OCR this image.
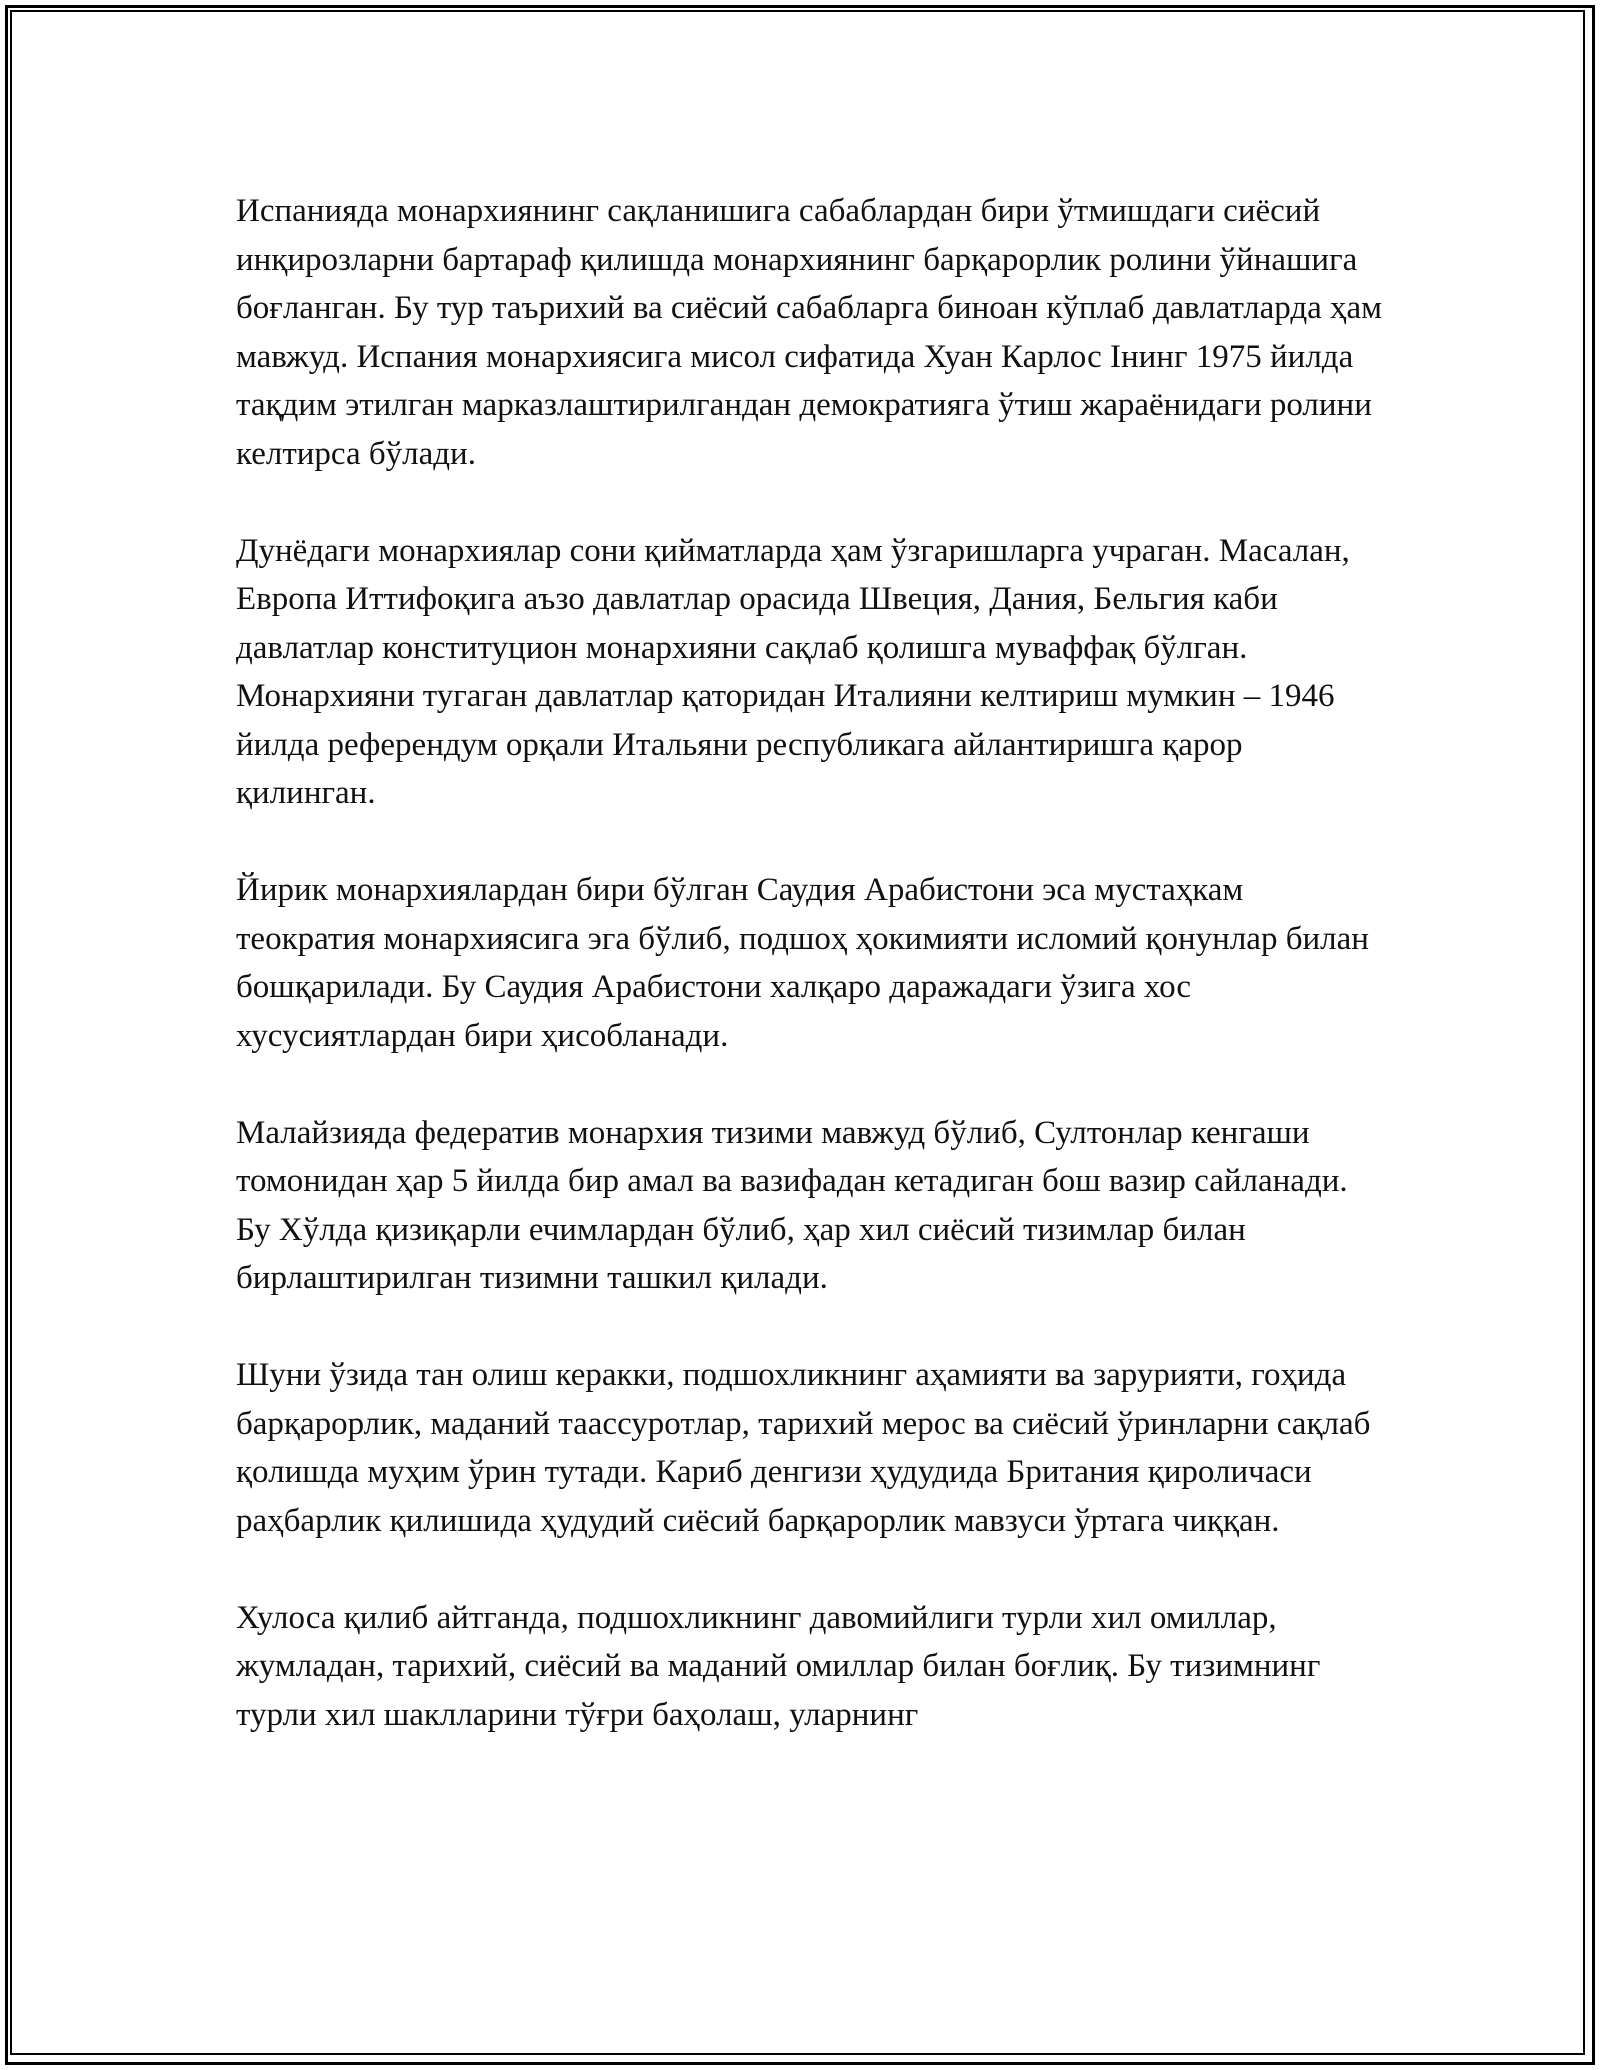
Испанияда монархиянинг сақланишига сабаблардан бири ўтмишдаги сиёсий инқирозларни бартараф қилишда монархиянинг барқарорлик ролини ўйнашига боғланган. Бу тур таърихий ва сиёсий сабабларга биноан кўплаб давлатларда ҳам мавжуд. Испания монархиясига мисол сифатида Хуан Карлос Iнинг 1975 йилда тақдим этилган марказлаштирилгандан демократияга ўтиш жараёнидаги ролини келтирса бўлади.

Дунёдаги монархиялар сони қийматларда ҳам ўзгаришларга учраган. Масалан, Европа Иттифоқига аъзо давлатлар орасида Швеция, Дания, Бельгия каби давлатлар конституцион монархияни сақлаб қолишга муваффақ бўлган. Монархияни тугаган давлатлар қаторидан Италияни келтириш мумкин – 1946 йилда референдум орқали Итальяни республикага айлантиришга қарор қилинган.

Йирик монархиялардан бири бўлган Саудия Арабистони эса мустаҳкам теократия монархиясига эга бўлиб, подшоҳ ҳокимияти исломий қонунлар билан бошқарилади. Бу Саудия Арабистони халқаро даражадаги ўзига хос хусусиятлардан бири ҳисобланади.

Малайзияда федератив монархия тизими мавжуд бўлиб, Султонлар кенгаши томонидан ҳар 5 йилда бир амал ва вазифадан кетадиган бош вазир сайланади. Бу Хўлда қизиқарли ечимлардан бўлиб, ҳар хил сиёсий тизимлар билан бирлаштирилган тизимни ташкил қилади.

Шуни ўзида тан олиш керакки, подшохликнинг аҳамияти ва зарурияти, гоҳида барқарорлик, маданий таассуротлар, тарихий мерос ва сиёсий ўринларни сақлаб қолишда муҳим ўрин тутади. Кариб денгизи ҳудудида Британия қироличаси раҳбарлик қилишида ҳудудий сиёсий барқарорлик мавзуси ўртага чиққан.

Хулоса қилиб айтганда, подшохликнинг давомийлиги турли хил омиллар, жумладан, тарихий, сиёсий ва маданий омиллар билан боғлиқ. Бу тизимнинг турли хил шаклларини тўғри баҳолаш, уларнинг
